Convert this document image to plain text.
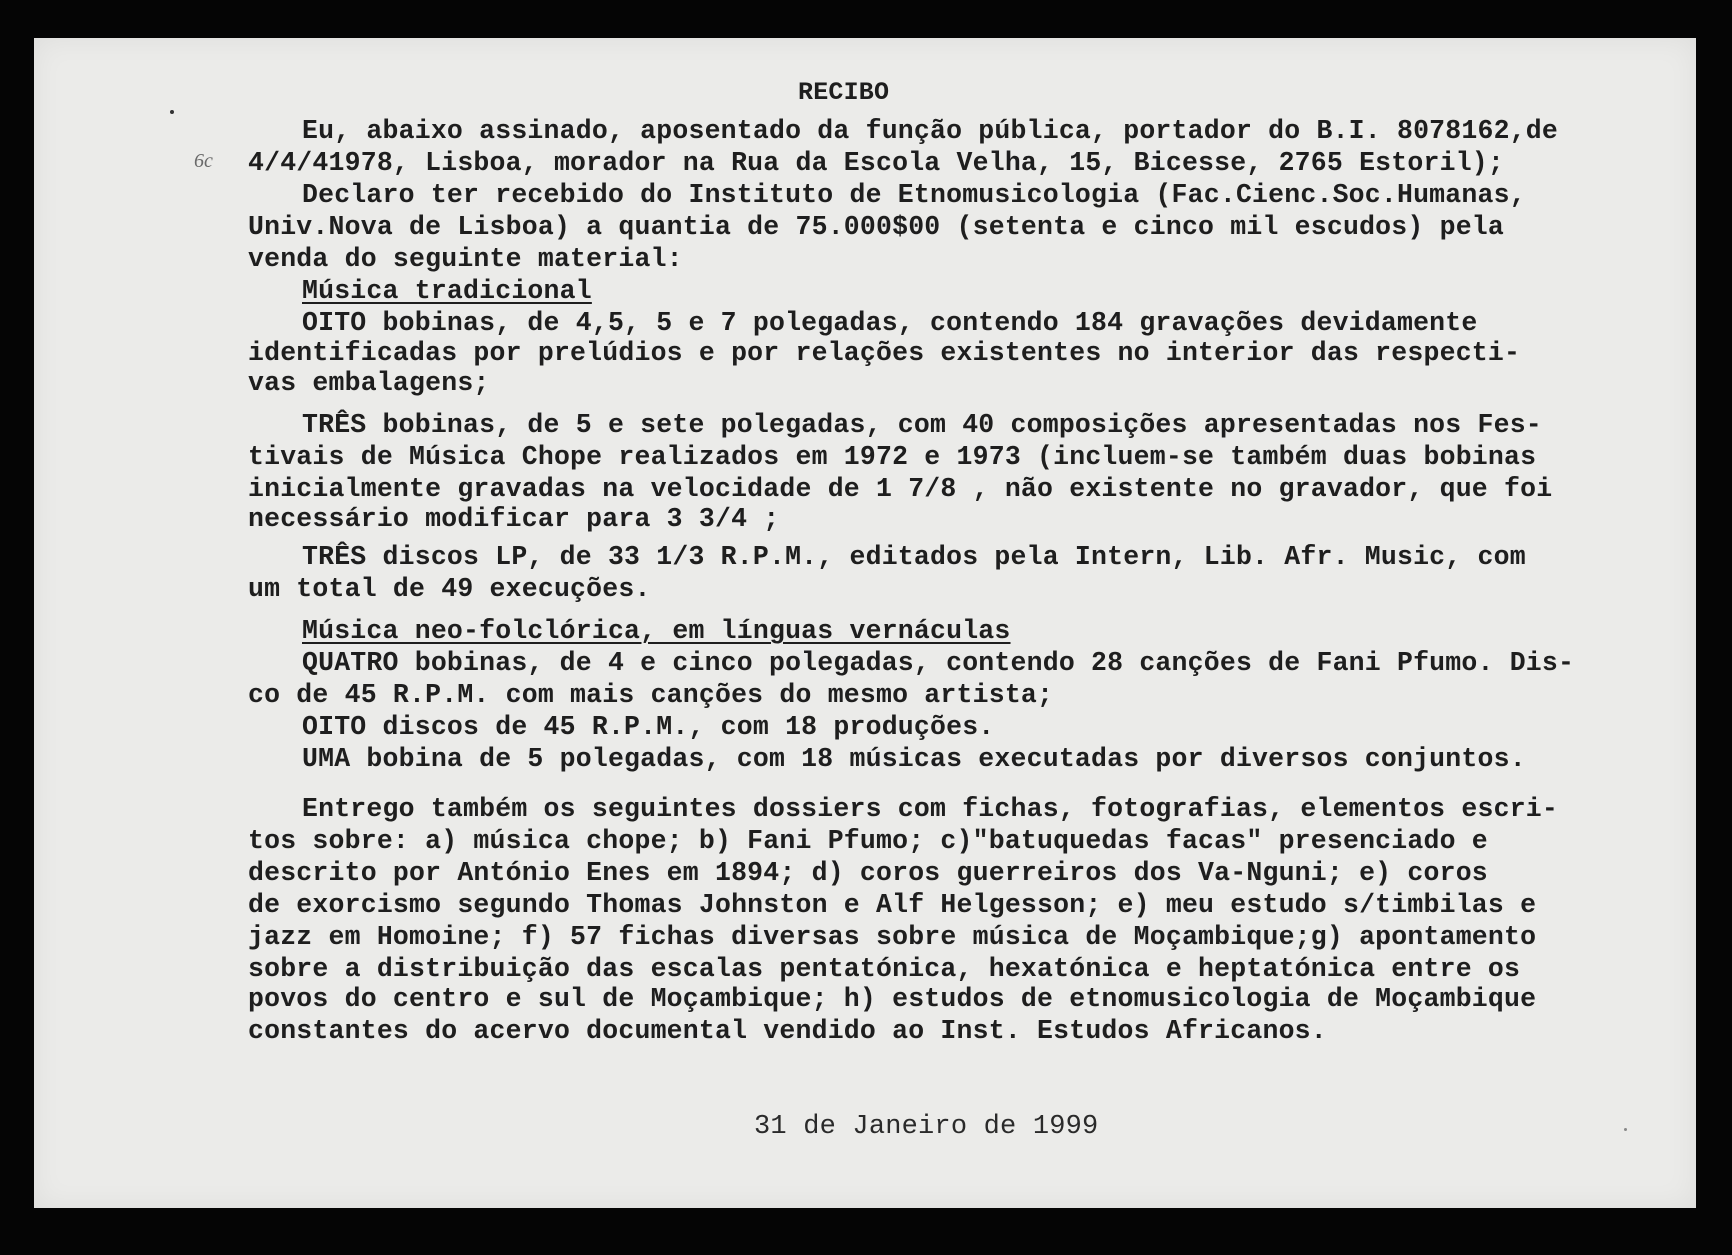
RECIBO
6c
Eu, abaixo assinado, aposentado da função pública, portador do B.I. 8078162,de
4/4/41978, Lisboa, morador na Rua da Escola Velha, 15, Bicesse, 2765 Estoril);
Declaro ter recebido do Instituto de Etnomusicologia (Fac.Cienc.Soc.Humanas,
Univ.Nova de Lisboa) a quantia de 75.000$00 (setenta e cinco mil escudos) pela
venda do seguinte material:
Música tradicional
OITO bobinas, de 4,5, 5 e 7 polegadas, contendo 184 gravações devidamente
identificadas por prelúdios e por relações existentes no interior das respecti-
vas embalagens;
TRÊS bobinas, de 5 e sete polegadas, com 40 composições apresentadas nos Fes-
tivais de Música Chope realizados em 1972 e 1973 (incluem-se também duas bobinas
inicialmente gravadas na velocidade de 1 7/8 , não existente no gravador, que foi
necessário modificar para 3 3/4 ;
TRÊS discos LP, de 33 1/3 R.P.M., editados pela Intern, Lib. Afr. Music, com
um total de 49 execuções.
Música neo-folclórica, em línguas vernáculas
QUATRO bobinas, de 4 e cinco polegadas, contendo 28 canções de Fani Pfumo. Dis-
co de 45 R.P.M. com mais canções do mesmo artista;
OITO discos de 45 R.P.M., com 18 produções.
UMA bobina de 5 polegadas, com 18 músicas executadas por diversos conjuntos.
Entrego também os seguintes dossiers com fichas, fotografias, elementos escri-
tos sobre: a) música chope; b) Fani Pfumo; c)"batuquedas facas" presenciado e
descrito por António Enes em 1894; d) coros guerreiros dos Va-Nguni; e) coros
de exorcismo segundo Thomas Johnston e Alf Helgesson; e) meu estudo s/timbilas e
jazz em Homoine; f) 57 fichas diversas sobre música de Moçambique;g) apontamento
sobre a distribuição das escalas pentatónica, hexatónica e heptatónica entre os
povos do centro e sul de Moçambique; h) estudos de etnomusicologia de Moçambique
constantes do acervo documental vendido ao Inst. Estudos Africanos.
31 de Janeiro de 1999
